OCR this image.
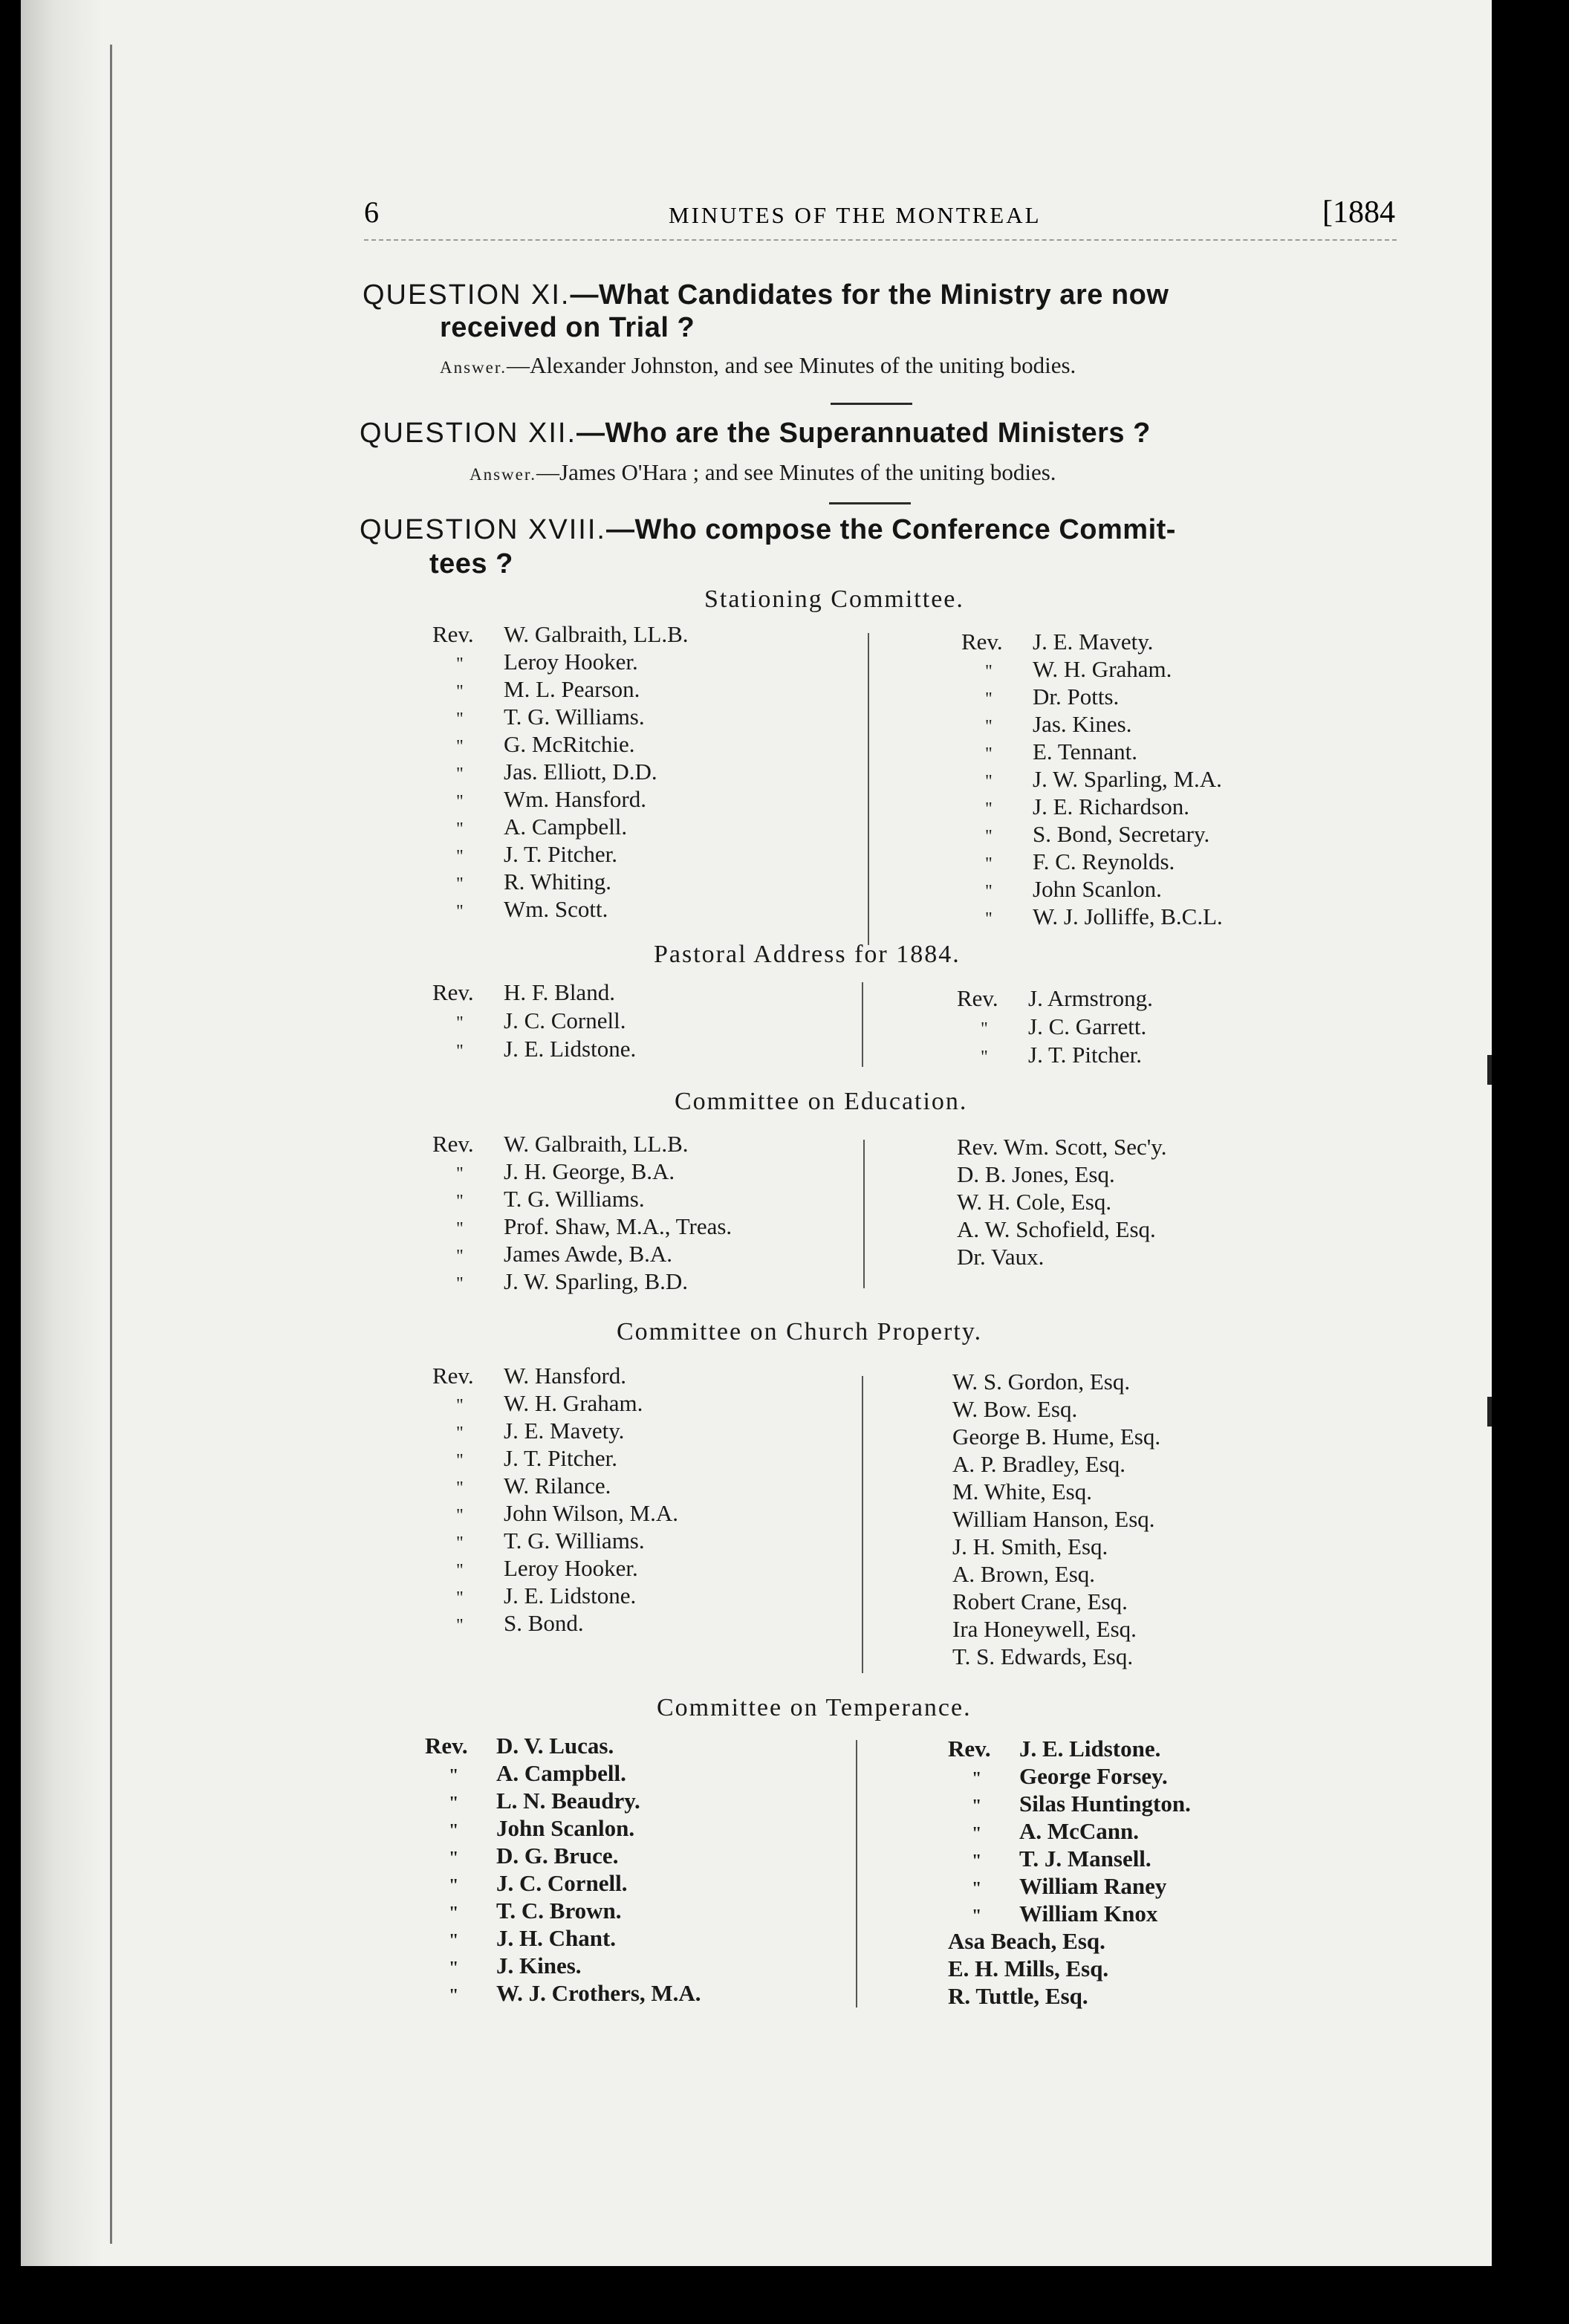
6	MINUTES OF THE MONTREAL	[1884
QUESTION XI.—What Candidates for the Ministry are now
received on Trial ?
Answer.—Alexander Johnston, and see Minutes of the uniting bodies.
QUESTION XII.—Who are the Superannuated Ministers ?
Answer.—James O'Hara ; and see Minutes of the uniting bodies.
QUESTION XVIII.—Who compose the Conference Commit-
tees ?
Stationing Committee.
Rev. W. Galbraith, LL.B.
" Leroy Hooker.
" M. L. Pearson.
" T. G. Williams.
" G. McRitchie.
" Jas. Elliott, D.D.
" Wm. Hansford.
" A. Campbell.
" J. T. Pitcher.
" R. Whiting.
" Wm. Scott.
Rev. J. E. Mavety.
" W. H. Graham.
" Dr. Potts.
" Jas. Kines.
" E. Tennant.
" J. W. Sparling, M.A.
" J. E. Richardson.
" S. Bond, Secretary.
" F. C. Reynolds.
" John Scanlon.
" W. J. Jolliffe, B.C.L.
Pastoral Address for 1884.
Rev. H. F. Bland.
" J. C. Cornell.
" J. E. Lidstone.
Rev. J. Armstrong.
" J. C. Garrett.
" J. T. Pitcher.
Committee on Education.
Rev. W. Galbraith, LL.B.
" J. H. George, B.A.
" T. G. Williams.
" Prof. Shaw, M.A., Treas.
" James Awde, B.A.
" J. W. Sparling, B.D.
Rev. Wm. Scott, Sec'y.
D. B. Jones, Esq.
W. H. Cole, Esq.
A. W. Schofield, Esq.
Dr. Vaux.
Committee on Church Property.
Rev. W. Hansford.
" W. H. Graham.
" J. E. Mavety.
" J. T. Pitcher.
" W. Rilance.
" John Wilson, M.A.
" T. G. Williams.
" Leroy Hooker.
" J. E. Lidstone.
" S. Bond.
W. S. Gordon, Esq.
W. Bow. Esq.
George B. Hume, Esq.
A. P. Bradley, Esq.
M. White, Esq.
William Hanson, Esq.
J. H. Smith, Esq.
A. Brown, Esq.
Robert Crane, Esq.
Ira Honeywell, Esq.
T. S. Edwards, Esq.
Committee on Temperance.
Rev. D. V. Lucas.
" A. Campbell.
" L. N. Beaudry.
" John Scanlon.
" D. G. Bruce.
" J. C. Cornell.
" T. C. Brown.
" J. H. Chant.
" J. Kines.
" W. J. Crothers, M.A.
Rev. J. E. Lidstone.
" George Forsey.
" Silas Huntington.
" A. McCann.
" T. J. Mansell.
" William Raney
" William Knox
Asa Beach, Esq.
E. H. Mills, Esq.
R. Tuttle, Esq.
